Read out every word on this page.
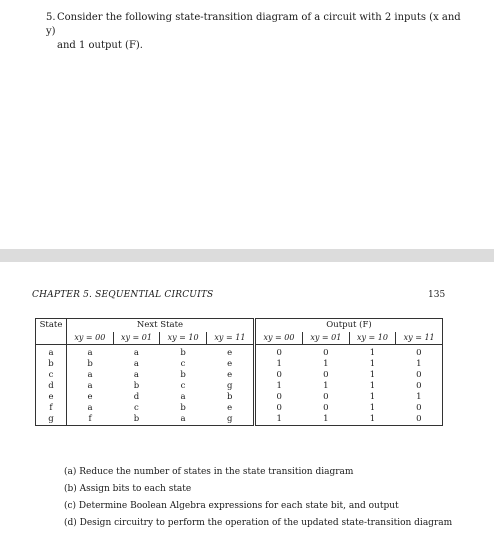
5.Consider the following state-transition diagram of a circuit with 2 inputs (x and y)
and 1 output (F).
CHAPTER 5. SEQUENTIAL CIRCUITS	135
State	Next State				Output (F)			
	xy = 00	xy = 01	xy = 10	xy = 11	xy = 00	xy = 01	xy = 10	xy = 11
a	a	a	b	e	0	0	1	0
b	b	a	c	e	1	1	1	1
c	a	a	b	e	0	0	1	0
d	a	b	c	g	1	1	1	0
e	e	d	a	b	0	0	1	1
f	a	c	b	e	0	0	1	0
g	f	b	a	g	1	1	1	0
(a) Reduce the number of states in the state transition diagram
(b) Assign bits to each state
(c) Determine Boolean Algebra expressions for each state bit, and output
(d) Design circuitry to perform the operation of the updated state-transition diagram
